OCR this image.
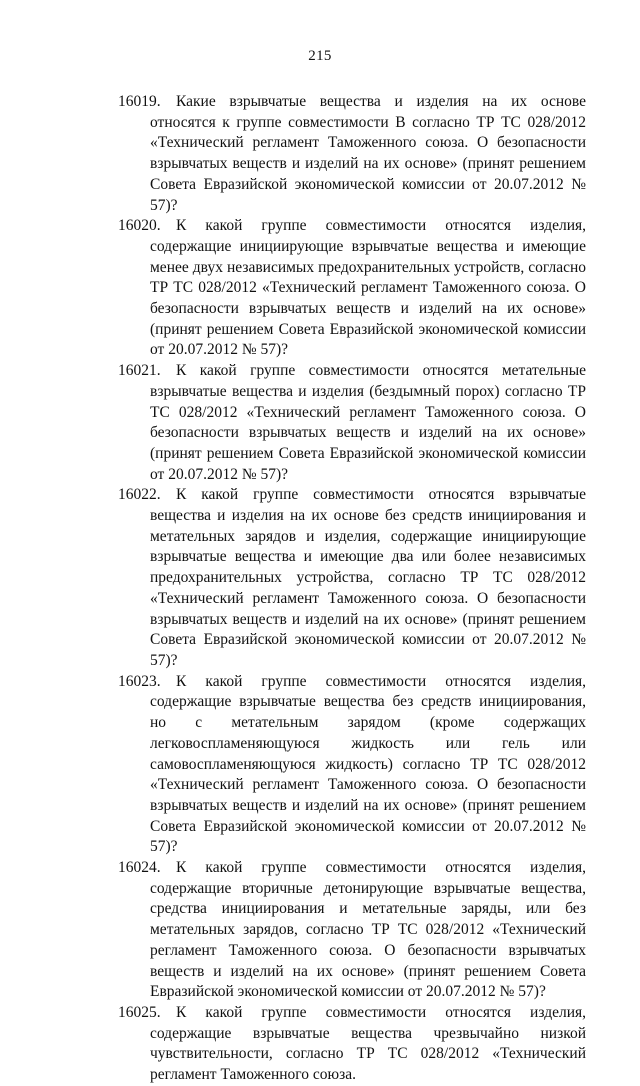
215

16019. Какие взрывчатые вещества и изделия на их основе относятся к группе совместимости B согласно ТР ТС 028/2012 «Технический регламент Таможенного союза. О безопасности взрывчатых веществ и изделий на их основе» (принят решением Совета Евразийской экономической комиссии от 20.07.2012 № 57)?

16020. К какой группе совместимости относятся изделия, содержащие инициирующие взрывчатые вещества и имеющие менее двух независимых предохранительных устройств, согласно ТР ТС 028/2012 «Технический регламент Таможенного союза. О безопасности взрывчатых веществ и изделий на их основе» (принят решением Совета Евразийской экономической комиссии от 20.07.2012 № 57)?

16021. К какой группе совместимости относятся метательные взрывчатые вещества и изделия (бездымный порох) согласно ТР ТС 028/2012 «Технический регламент Таможенного союза. О безопасности взрывчатых веществ и изделий на их основе» (принят решением Совета Евразийской экономической комиссии от 20.07.2012 № 57)?

16022. К какой группе совместимости относятся взрывчатые вещества и изделия на их основе без средств инициирования и метательных зарядов и изделия, содержащие инициирующие взрывчатые вещества и имеющие два или более независимых предохранительных устройства, согласно ТР ТС 028/2012 «Технический регламент Таможенного союза. О безопасности взрывчатых веществ и изделий на их основе» (принят решением Совета Евразийской экономической комиссии от 20.07.2012 № 57)?

16023. К какой группе совместимости относятся изделия, содержащие взрывчатые вещества без средств инициирования, но с метательным зарядом (кроме содержащих легковоспламеняющуюся жидкость или гель или самовоспламеняющуюся жидкость) согласно ТР ТС 028/2012 «Технический регламент Таможенного союза. О безопасности взрывчатых веществ и изделий на их основе» (принят решением Совета Евразийской экономической комиссии от 20.07.2012 № 57)?

16024. К какой группе совместимости относятся изделия, содержащие вторичные детонирующие взрывчатые вещества, средства инициирования и метательные заряды, или без метательных зарядов, согласно ТР ТС 028/2012 «Технический регламент Таможенного союза. О безопасности взрывчатых веществ и изделий на их основе» (принят решением Совета Евразийской экономической комиссии от 20.07.2012 № 57)?

16025. К какой группе совместимости относятся изделия, содержащие взрывчатые вещества чрезвычайно низкой чувствительности, согласно ТР ТС 028/2012 «Технический регламент Таможенного союза.
